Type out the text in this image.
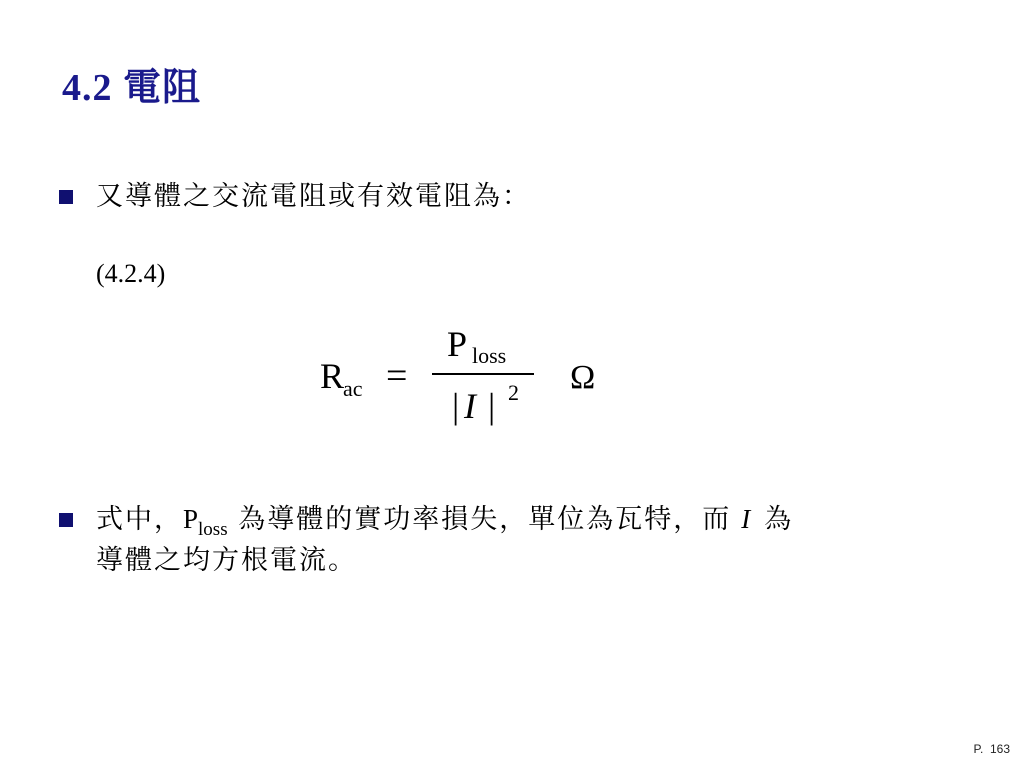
4.2 電阻
又導體之交流電阻或有效電阻為：
(4.2.4)
R
ac =
P loss
| I | 2 Ω
式中，$P_{loss}$ 為導體的實功率損失，單位為瓦特，而 I 為
導體之均方根電流。
P.  163
